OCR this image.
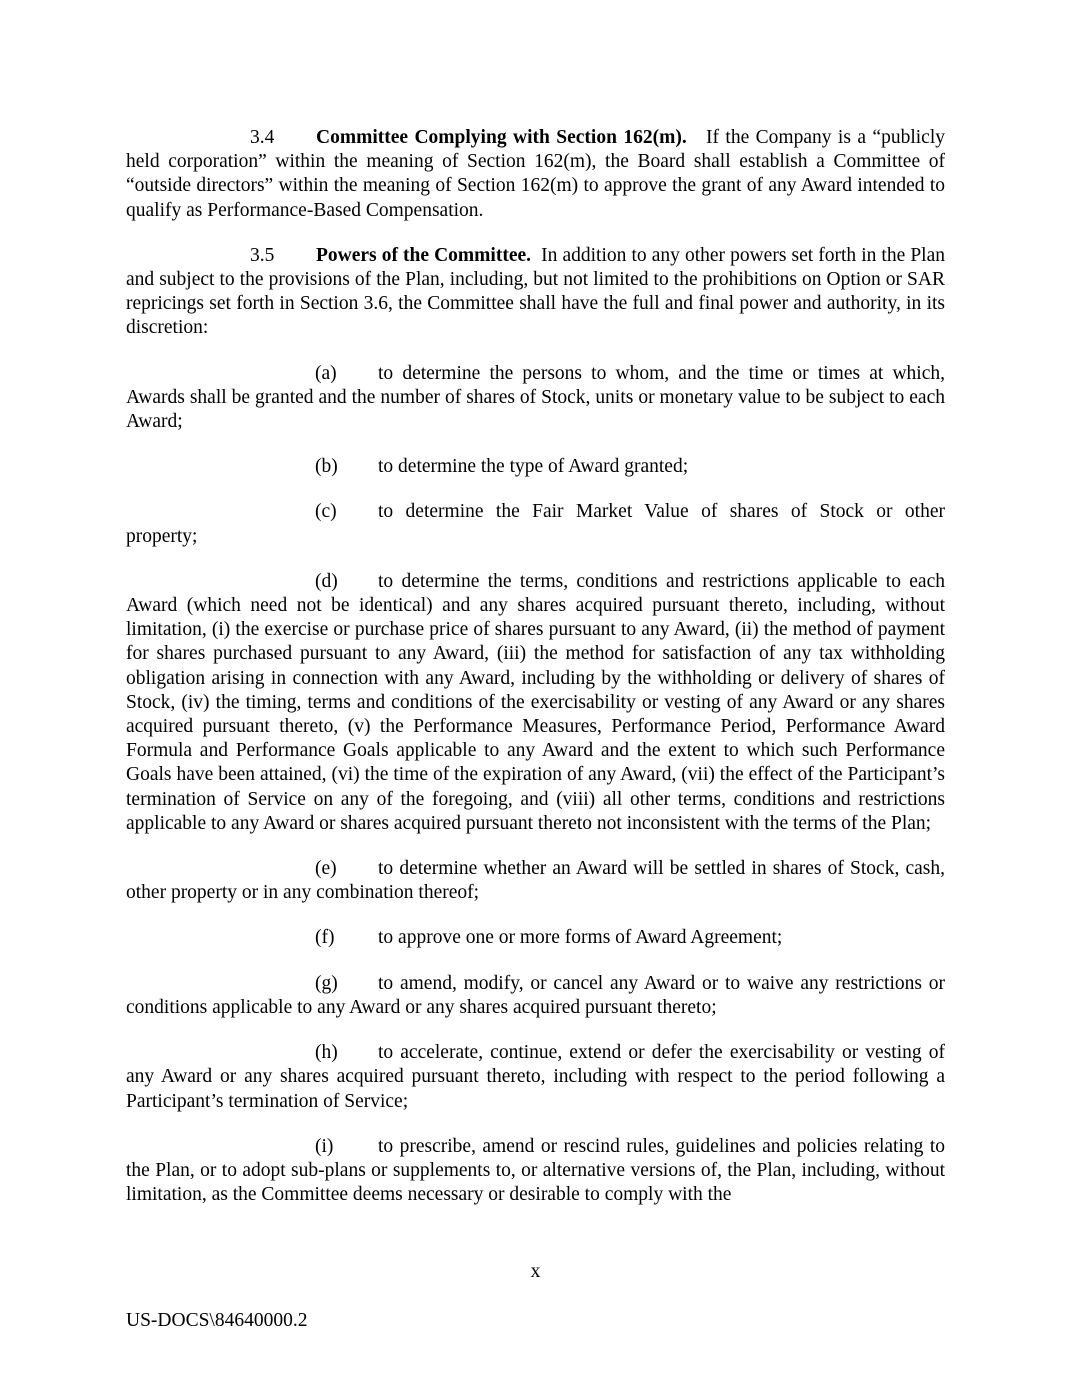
3.4 Committee Complying with Section 162(m). If the Company is a “publicly held corporation” within the meaning of Section 162(m), the Board shall establish a Committee of “outside directors” within the meaning of Section 162(m) to approve the grant of any Award intended to qualify as Performance-Based Compensation.

3.5 Powers of the Committee. In addition to any other powers set forth in the Plan and subject to the provisions of the Plan, including, but not limited to the prohibitions on Option or SAR repricings set forth in Section 3.6, the Committee shall have the full and final power and authority, in its discretion:

(a) to determine the persons to whom, and the time or times at which, Awards shall be granted and the number of shares of Stock, units or monetary value to be subject to each Award;

(b) to determine the type of Award granted;

(c) to determine the Fair Market Value of shares of Stock or other

property;

(d) to determine the terms, conditions and restrictions applicable to each Award (which need not be identical) and any shares acquired pursuant thereto, including, without limitation, (i) the exercise or purchase price of shares pursuant to any Award, (ii) the method of payment for shares purchased pursuant to any Award, (iii) the method for satisfaction of any tax withholding obligation arising in connection with any Award, including by the withholding or delivery of shares of Stock, (iv) the timing, terms and conditions of the exercisability or vesting of any Award or any shares acquired pursuant thereto, (v) the Performance Measures, Performance Period, Performance Award Formula and Performance Goals applicable to any Award and the extent to which such Performance Goals have been attained, (vi) the time of the expiration of any Award, (vii) the effect of the Participant’s termination of Service on any of the foregoing, and (viii) all other terms, conditions and restrictions applicable to any Award or shares acquired pursuant thereto not inconsistent with the terms of the Plan;

(e) to determine whether an Award will be settled in shares of Stock, cash, other property or in any combination thereof;

(f) to approve one or more forms of Award Agreement;

(g) to amend, modify, or cancel any Award or to waive any restrictions or conditions applicable to any Award or any shares acquired pursuant thereto;

(h) to accelerate, continue, extend or defer the exercisability or vesting of any Award or any shares acquired pursuant thereto, including with respect to the period following a Participant’s termination of Service;

(i) to prescribe, amend or rescind rules, guidelines and policies relating to the Plan, or to adopt sub-plans or supplements to, or alternative versions of, the Plan, including, without limitation, as the Committee deems necessary or desirable to comply with the

x
US-DOCS\84640000.2
